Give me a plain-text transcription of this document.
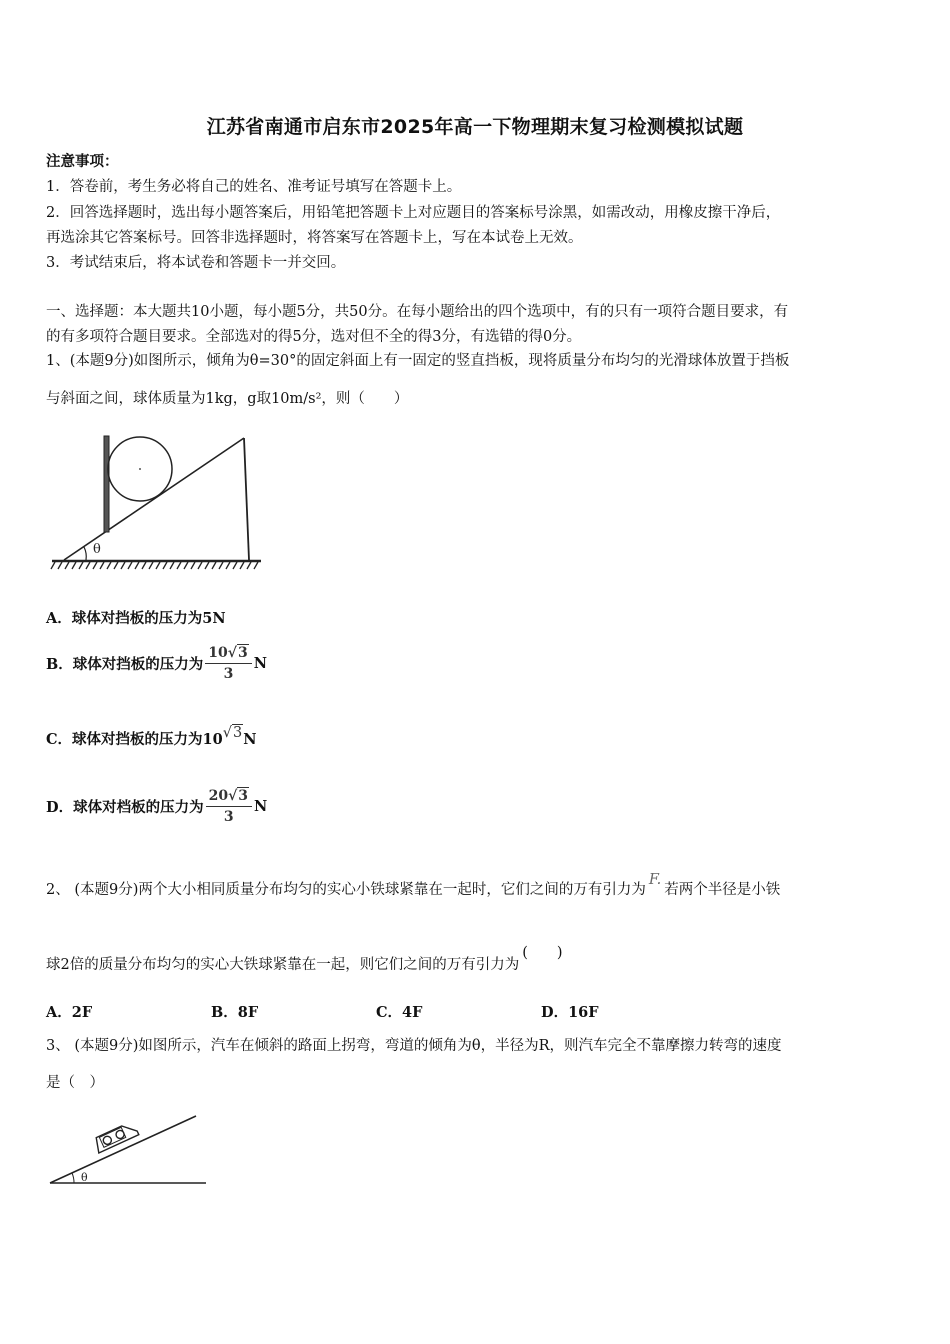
江苏省南通市启东市2025年高一下物理期末复习检测模拟试题
注意事项：
1．答卷前，考生务必将自己的姓名、准考证号填写在答题卡上。
2．回答选择题时，选出每小题答案后，用铅笔把答题卡上对应题目的答案标号涂黑，如需改动，用橡皮擦干净后，
再选涂其它答案标号。回答非选择题时，将答案写在答题卡上，写在本试卷上无效。
3．考试结束后，将本试卷和答题卡一并交回。
一、选择题：本大题共10小题，每小题5分，共50分。在每小题给出的四个选项中，有的只有一项符合题目要求，有
的有多项符合题目要求。全部选对的得5分，选对但不全的得3分，有选错的得0分。
1、(本题9分)如图所示，倾角为θ=30°的固定斜面上有一固定的竖直挡板，现将质量分布均匀的光滑球体放置于挡板
与斜面之间，球体质量为1kg，g取10m/s²，则（　　）
θ
A．球体对挡板的压力为5N
B．球体对挡板的压力为 $\frac{10√3}{3}$ N
C．球体对挡板的压力为10√3N
D．球体对档板的压力为 $\frac{20√3}{3}$ N
2、 (本题9分)两个大小相同质量分布均匀的实心小铁球紧靠在一起时，它们之间的万有引力为F.若两个半径是小铁
球2倍的质量分布均匀的实心大铁球紧靠在一起，则它们之间的万有引力为(　　)
A．2F	B．8F	C．4F	D．16F
3、 (本题9分)如图所示，汽车在倾斜的路面上拐弯，弯道的倾角为θ，半径为R，则汽车完全不靠摩擦力转弯的速度
是（　）
θ
